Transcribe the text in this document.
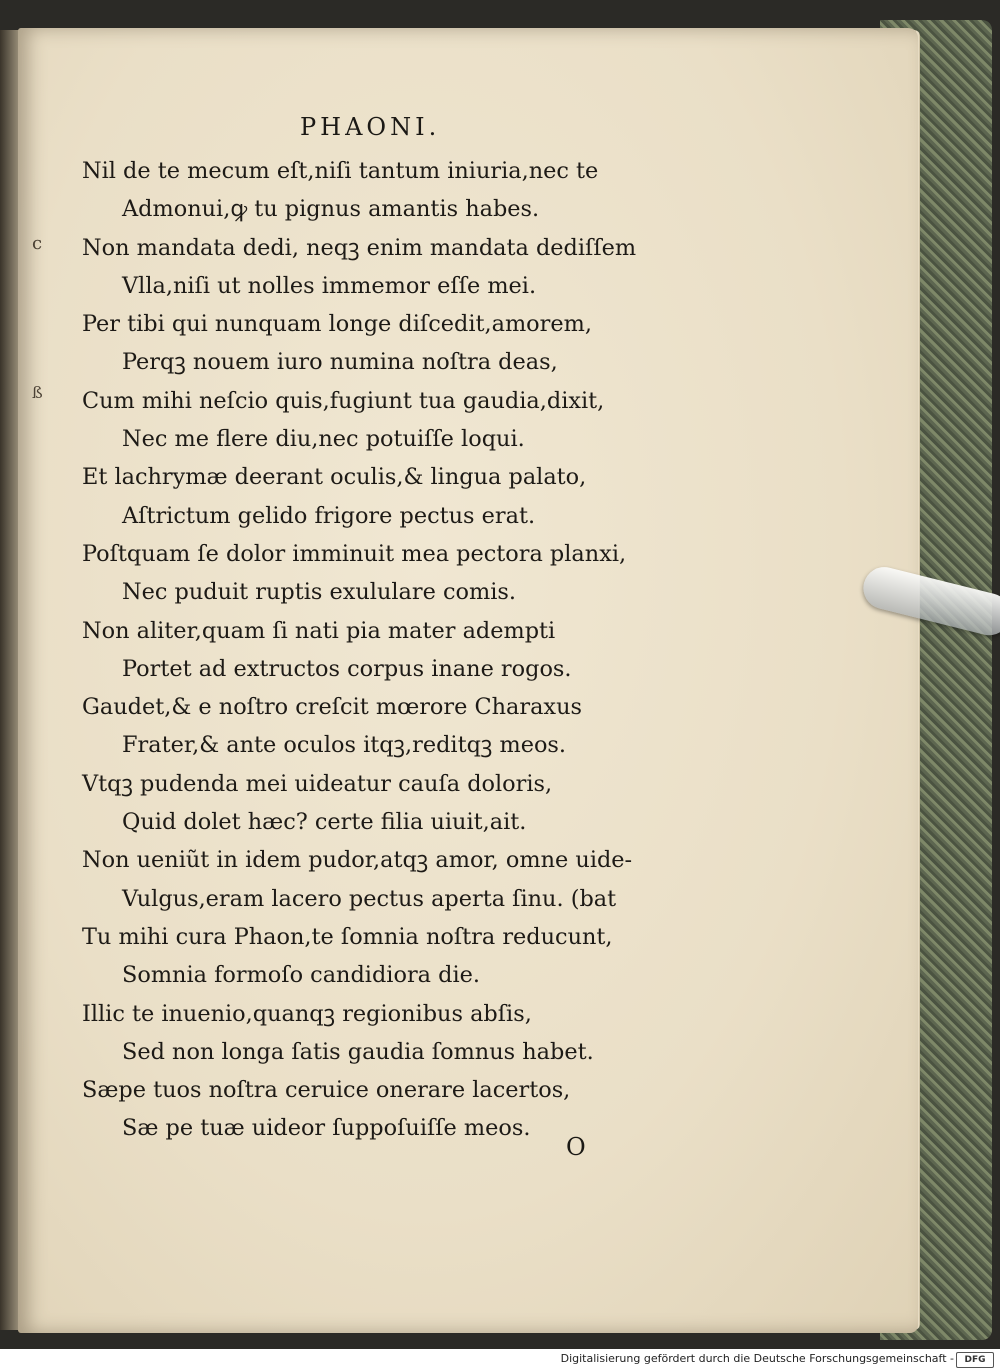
c
ß
PHAONI.
Nil de te mecum eſt,niſi tantum iniuria,nec te
Admonui,ꝙ tu pignus amantis habes.
Non mandata dedi, neqꝫ enim mandata dediſſem
Vlla,niſi ut nolles immemor eſſe mei.
Per tibi qui nunquam longe diſcedit,amorem,
Perqꝫ nouem iuro numina noſtra deas,
Cum mihi neſcio quis,fugiunt tua gaudia,dixit,
Nec me flere diu,nec potuiſſe loqui.
Et lachrymæ deerant oculis,& lingua palato,
Aſtrictum gelido frigore pectus erat.
Poſtquam ſe dolor imminuit mea pectora planxi,
Nec puduit ruptis exululare comis.
Non aliter,quam ſi nati pia mater adempti
Portet ad extructos corpus inane rogos.
Gaudet,& e noſtro creſcit mœrore Charaxus
Frater,& ante oculos itqꝫ,reditqꝫ meos.
Vtqꝫ pudenda mei uideatur cauſa doloris,
Quid dolet hæc? certe filia uiuit,ait.
Non ueniũt in idem pudor,atqꝫ amor, omne uide-
Vulgus,eram lacero pectus aperta ſinu. (bat
Tu mihi cura Phaon,te ſomnia noſtra reducunt,
Somnia formoſo candidiora die.
Illic te inuenio,quanqꝫ regionibus abſis,
Sed non longa ſatis gaudia ſomnus habet.
Sæpe tuos noſtra ceruice onerare lacertos,
Sæ pe tuæ uideor ſuppoſuiſſe meos.
O
Digitalisierung gefördert durch die Deutsche Forschungsgemeinschaft -	DFG
